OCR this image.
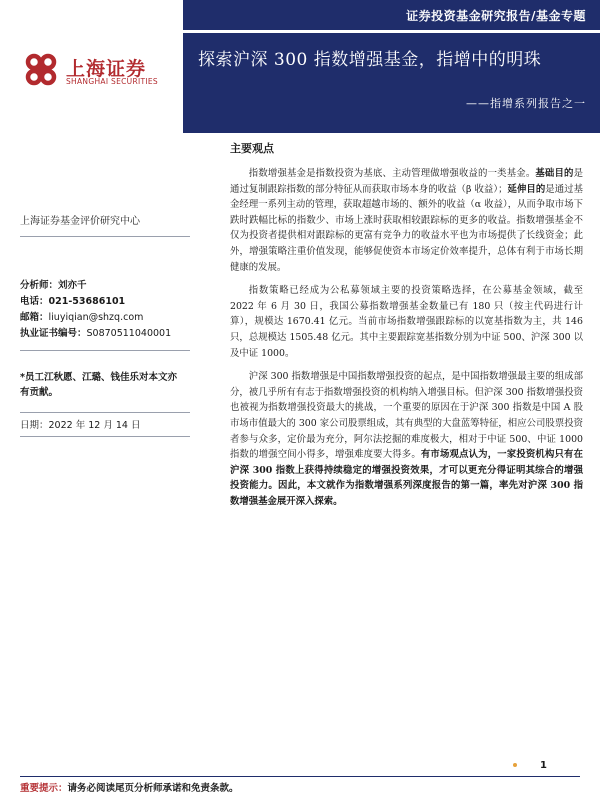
证券投资基金研究报告/基金专题
上海证券
SHANGHAI SECURITIES
探索沪深 300 指数增强基金，指增中的明珠
——指增系列报告之一
上海证券基金评价研究中心
分析师：刘亦千
电话：021-53686101
邮箱：liuyiqian@shzq.com
执业证书编号：S0870511040001
*员工江秋愿、江璐、钱佳乐对本文亦有贡献。
日期：2022 年 12 月 14 日
主要观点

指数增强基金是指数投资为基底、主动管理做增强收益的一类基金。基础目的是通过复制跟踪指数的部分特征从而获取市场本身的收益（β 收益）；延伸目的是通过基金经理一系列主动的管理，获取超越市场的、额外的收益（α 收益），从而争取市场下跌时跌幅比标的指数少、市场上涨时获取相较跟踪标的更多的收益。指数增强基金不仅为投资者提供相对跟踪标的更富有竞争力的收益水平也为市场提供了长线资金；此外，增强策略注重价值发现，能够促使资本市场定价效率提升，总体有利于市场长期健康的发展。

指数策略已经成为公私募领域主要的投资策略选择，在公募基金领域，截至 2022 年 6 月 30 日，我国公募指数增强基金数量已有 180 只（按主代码进行计算），规模达 1670.41 亿元。当前市场指数增强跟踪标的以宽基指数为主，共 146 只，总规模达 1505.48 亿元。其中主要跟踪宽基指数分别为中证 500、沪深 300 以及中证 1000。

沪深 300 指数增强是中国指数增强投资的起点，是中国指数增强最主要的组成部分，被几乎所有有志于指数增强投资的机构纳入增强目标。但沪深 300 指数增强投资也被视为指数增强投资最大的挑战，一个重要的原因在于沪深 300 指数是中国 A 股市场市值最大的 300 家公司股票组成，其有典型的大盘蓝筹特征，相应公司股票投资者参与众多，定价最为充分，阿尔法挖掘的难度极大，相对于中证 500、中证 1000 指数的增强空间小得多，增强难度要大得多。有市场观点认为，一家投资机构只有在沪深 300 指数上获得持续稳定的增强投资效果，才可以更充分得证明其综合的增强投资能力。因此，本文就作为指数增强系列深度报告的第一篇，率先对沪深 300 指数增强基金展开深入探索。

1
重要提示：请务必阅读尾页分析师承诺和免责条款。
